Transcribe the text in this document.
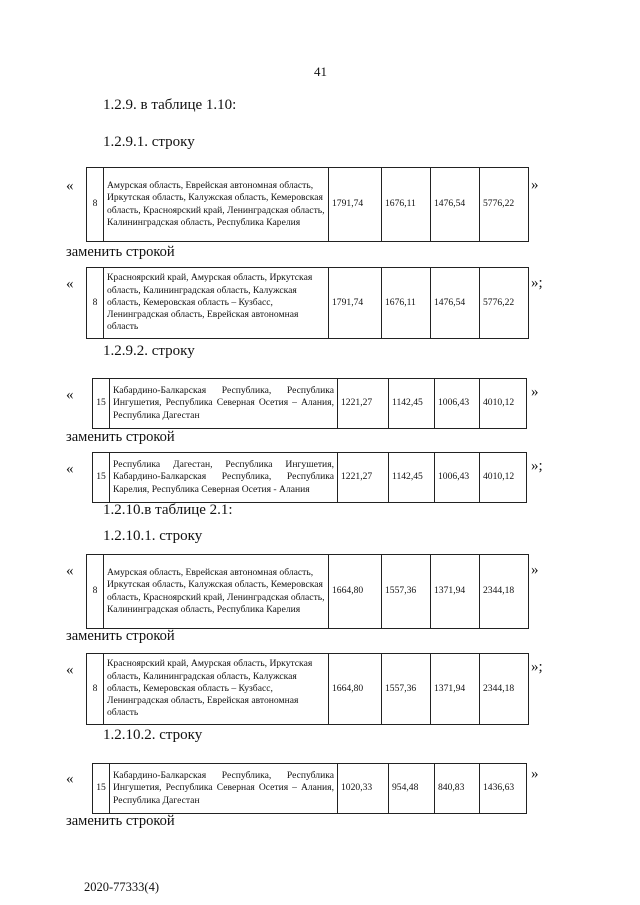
41
1.2.9. в таблице 1.10:
1.2.9.1. строку
«
8	Амурская область, Еврейская автономная область, Иркутская область, Калужская область, Кемеровская область, Красноярский край, Ленинградская область, Калининградская область, Республика Карелия	1791,74	1676,11	1476,54	5776,22
»
заменить строкой
«
8	Красноярский край, Амурская область, Иркутская область, Калининградская область, Калужская область, Кемеровская область – Кузбасс, Ленинградская область, Еврейская автономная область	1791,74	1676,11	1476,54	5776,22
»;
1.2.9.2. строку
« 15	Кабардино-Балкарская Республика, Республика Ингушетия, Республика Северная Осетия – Алания, Республика Дагестан	1221,27	1142,45	1006,43	4010,12
»
заменить строкой
« 15	Республика Дагестан, Республика Ингушетия, Кабардино-Балкарская Республика, Республика Карелия, Республика Северная Осетия - Алания	1221,27	1142,45	1006,43	4010,12
»;
1.2.10.в таблице 2.1:
1.2.10.1. строку
«
8	Амурская область, Еврейская автономная область, Иркутская область, Калужская область, Кемеровская область, Красноярский край, Ленинградская область, Калининградская область, Республика Карелия	1664,80	1557,36	1371,94	2344,18
»
заменить строкой
«
8	Красноярский край, Амурская область, Иркутская область, Калининградская область, Калужская область, Кемеровская область – Кузбасс, Ленинградская область, Еврейская автономная область	1664,80	1557,36	1371,94	2344,18
»;
1.2.10.2. строку
«
15	Кабардино-Балкарская Республика, Республика Ингушетия, Республика Северная Осетия – Алания, Республика Дагестан	1020,33	954,48	840,83	1436,63
»
заменить строкой
2020-77333(4)
